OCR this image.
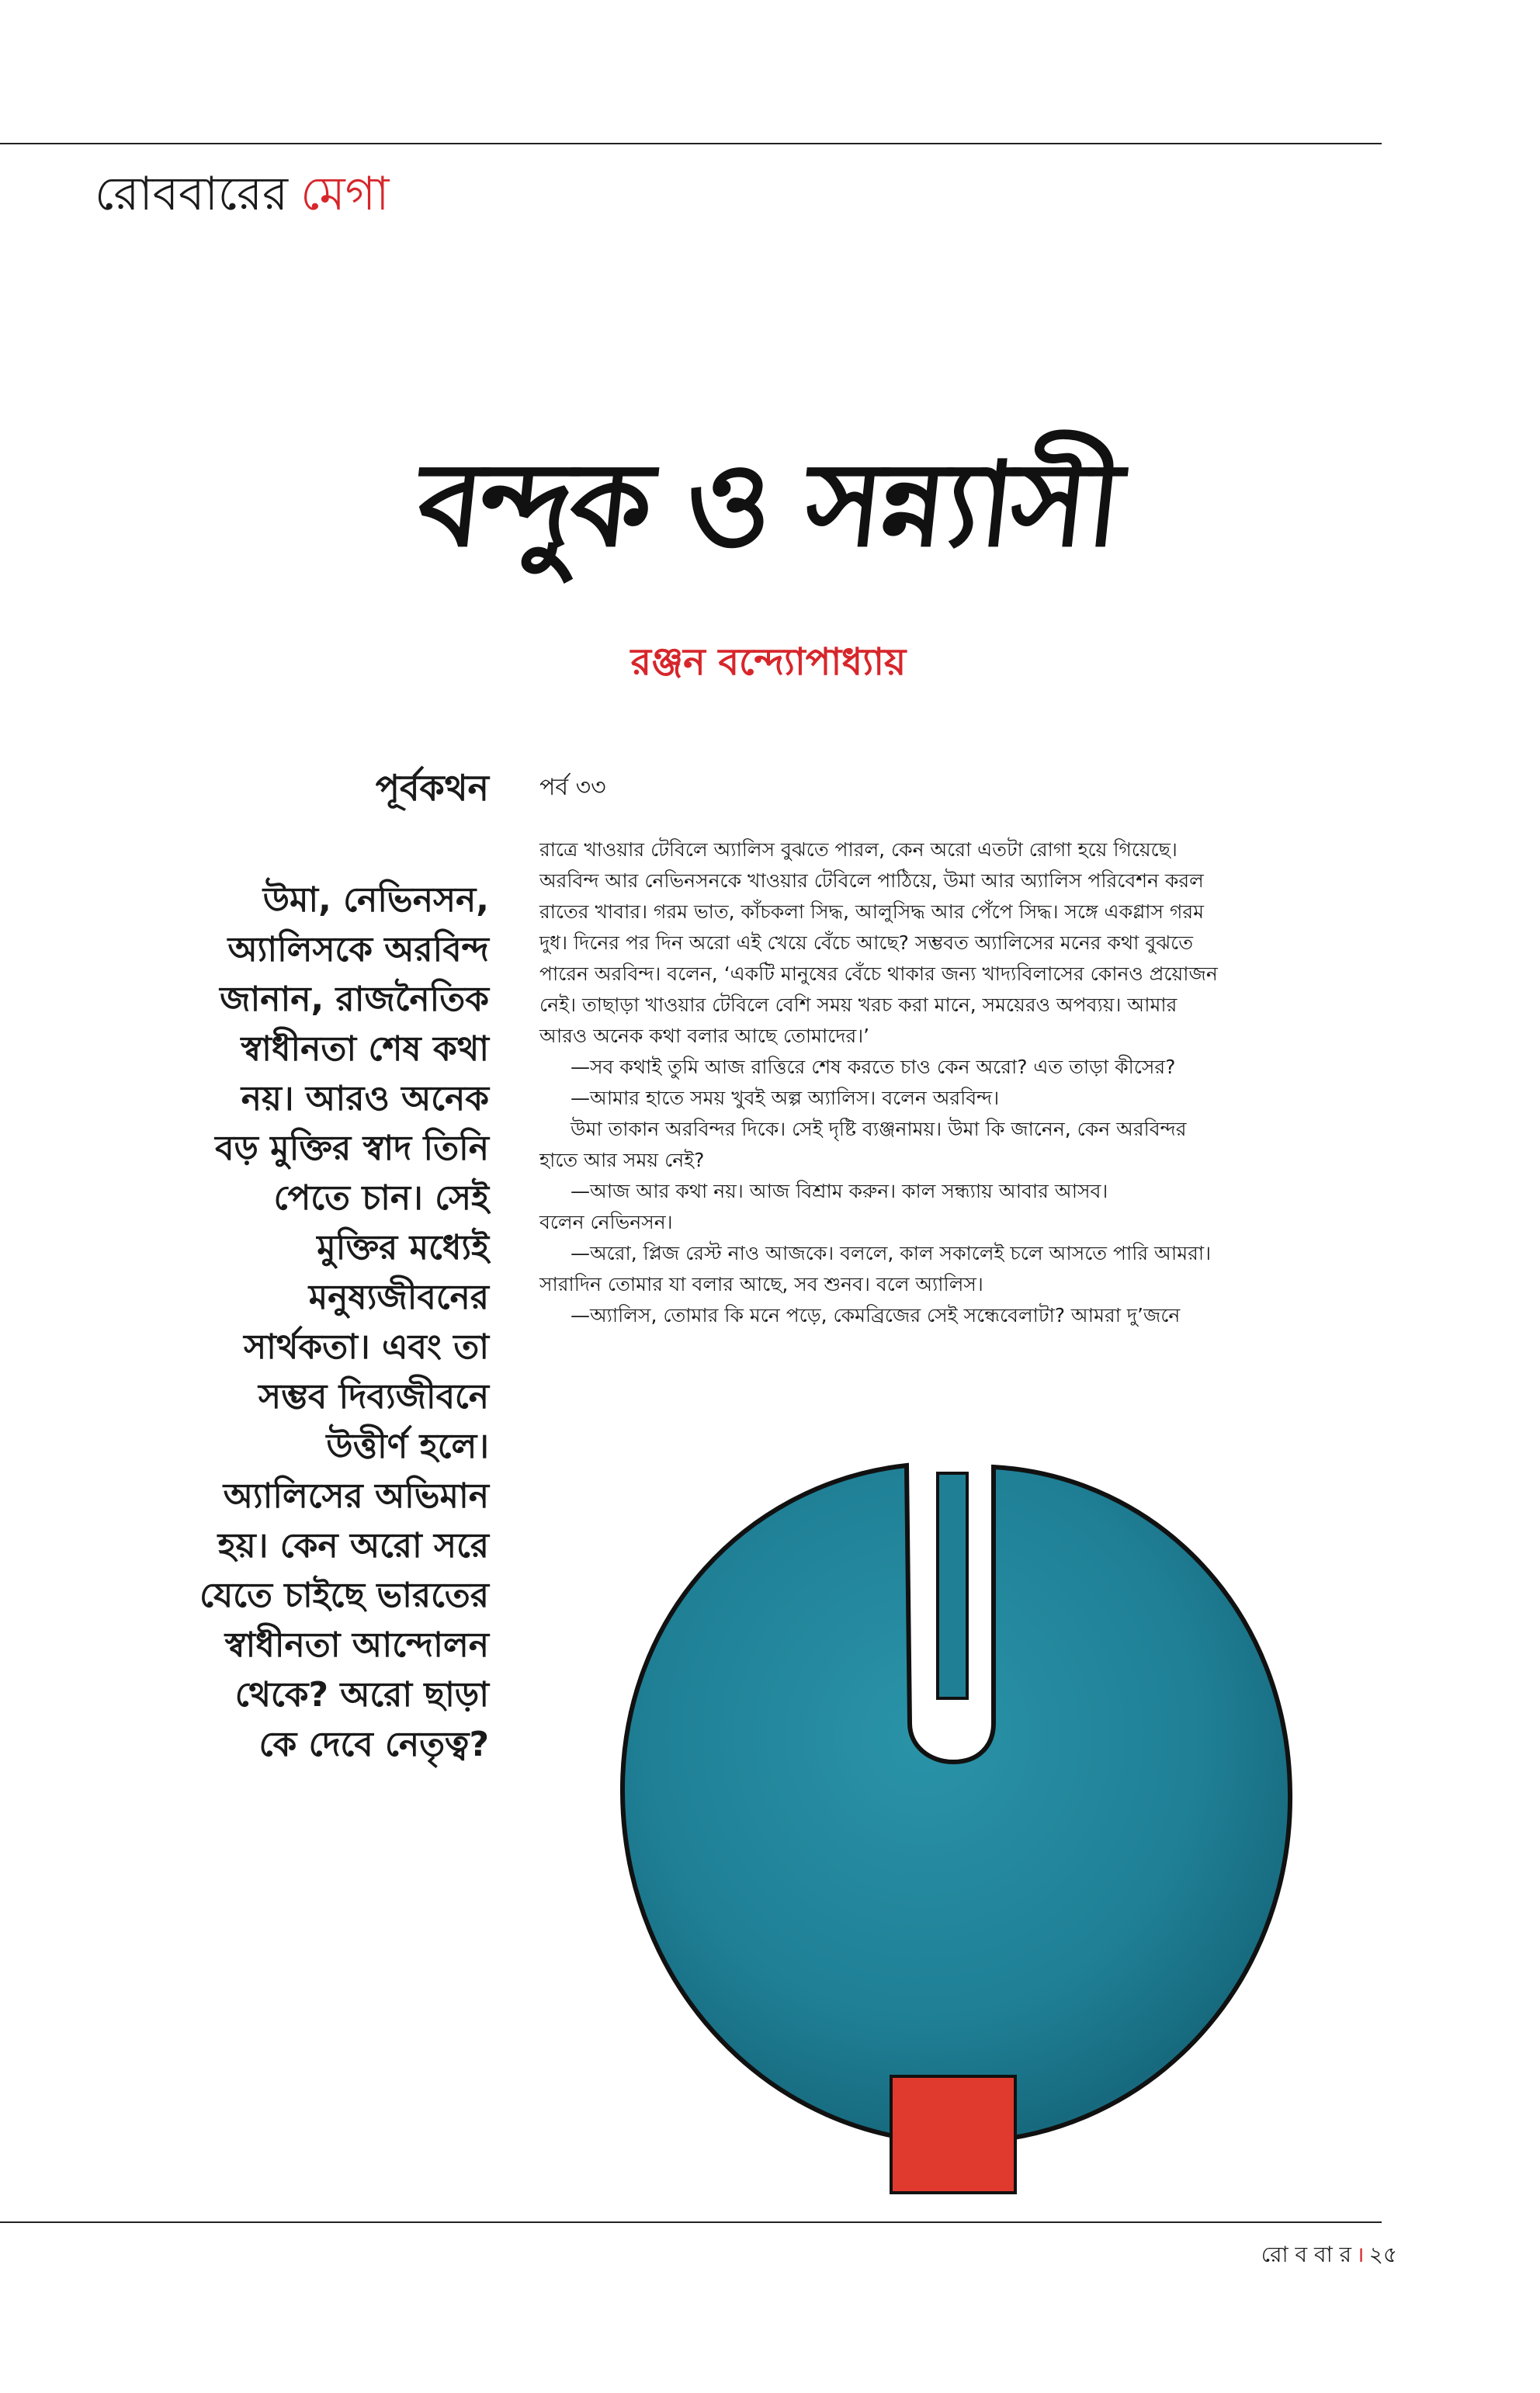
রোববারের মেগা
বন্দুক ও সন্ন্যাসী
রঞ্জন বন্দ্যোপাধ্যায়
পূর্বকথন
উমা, নেভিনসন,
অ্যালিসকে অরবিন্দ
জানান, রাজনৈতিক
স্বাধীনতা শেষ কথা
নয়। আরও অনেক
বড় মুক্তির স্বাদ তিনি
পেতে চান। সেই
মুক্তির মধ্যেই
মনুষ্যজীবনের
সার্থকতা। এবং তা
সম্ভব দিব্যজীবনে
উত্তীর্ণ হলে।
অ্যালিসের অভিমান
হয়। কেন অরো সরে
যেতে চাইছে ভারতের
স্বাধীনতা আন্দোলন
থেকে? অরো ছাড়া
কে দেবে নেতৃত্ব?
পর্ব ৩৩
রাত্রে খাওয়ার টেবিলে অ্যালিস বুঝতে পারল, কেন অরো এতটা রোগা হয়ে গিয়েছে।
অরবিন্দ আর নেভিনসনকে খাওয়ার টেবিলে পাঠিয়ে, উমা আর অ্যালিস পরিবেশন করল
রাতের খাবার। গরম ভাত, কাঁচকলা সিদ্ধ, আলুসিদ্ধ আর পেঁপে সিদ্ধ। সঙ্গে একগ্লাস গরম
দুধ। দিনের পর দিন অরো এই খেয়ে বেঁচে আছে? সম্ভবত অ্যালিসের মনের কথা বুঝতে
পারেন অরবিন্দ। বলেন, ‘একটি মানুষের বেঁচে থাকার জন্য খাদ্যবিলাসের কোনও প্রয়োজন
নেই। তাছাড়া খাওয়ার টেবিলে বেশি সময় খরচ করা মানে, সময়েরও অপব্যয়। আমার
আরও অনেক কথা বলার আছে তোমাদের।’
—সব কথাই তুমি আজ রাত্তিরে শেষ করতে চাও কেন অরো? এত তাড়া কীসের?
—আমার হাতে সময় খুবই অল্প অ্যালিস। বলেন অরবিন্দ।
উমা তাকান অরবিন্দর দিকে। সেই দৃষ্টি ব্যঞ্জনাময়। উমা কি জানেন, কেন অরবিন্দর
হাতে আর সময় নেই?
—আজ আর কথা নয়। আজ বিশ্রাম করুন। কাল সন্ধ্যায় আবার আসব।
বলেন নেভিনসন।
—অরো, প্লিজ রেস্ট নাও আজকে। বললে, কাল সকালেই চলে আসতে পারি আমরা।
সারাদিন তোমার যা বলার আছে, সব শুনব। বলে অ্যালিস।
—অ্যালিস, তোমার কি মনে পড়ে, কেমব্রিজের সেই সন্ধেবেলাটা? আমরা দু’জনে
রো ব বা র । ২৫
